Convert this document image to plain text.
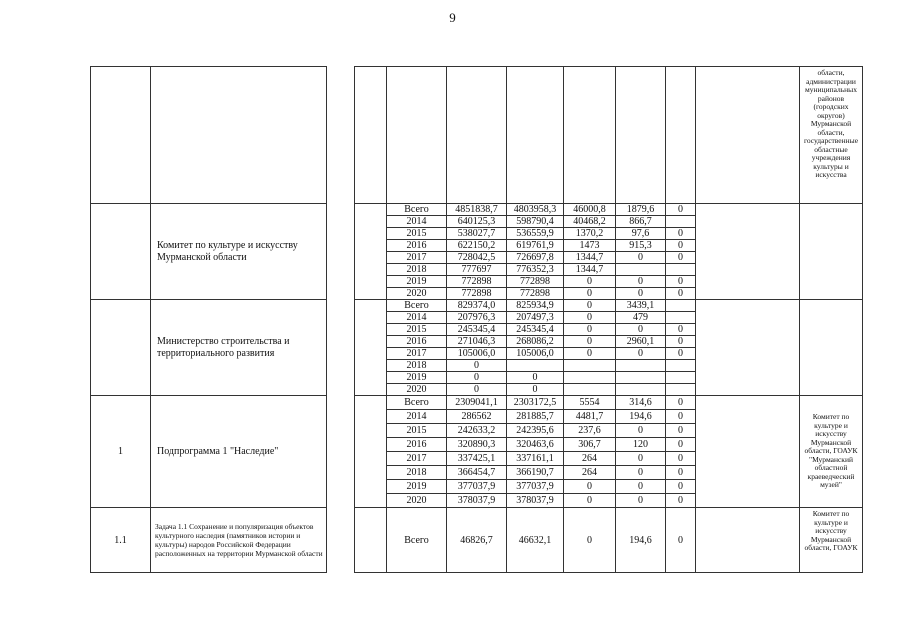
9
											области, администрации муниципальных районов (городских округов) Мурманской области, государственные областные учреждения культуры и искусства
	Комитет по культуре и искусству Мурманской области			Всего	4851838,7	4803958,3	46000,8	1879,6	0		
				2014	640125,3	598790,4	40468,2	866,7			
				2015	538027,7	536559,9	1370,2	97,6	0		
				2016	622150,2	619761,9	1473	915,3	0		
				2017	728042,5	726697,8	1344,7	0	0		
				2018	777697	776352,3	1344,7				
				2019	772898	772898	0	0	0		
				2020	772898	772898	0	0	0		
	Министерство строительства и территориального развития			Всего	829374,0	825934,9	0	3439,1			
				2014	207976,3	207497,3	0	479			
				2015	245345,4	245345,4	0	0	0		
				2016	271046,3	268086,2	0	2960,1	0		
				2017	105006,0	105006,0	0	0	0		
				2018	0						
				2019	0	0					
				2020	0	0					
1	Подпрограмма 1 "Наследие"			Всего	2309041,1	2303172,5	5554	314,6	0		Комитет по культуре и искусству Мурманской области, ГОАУК "Мурманский областной краеведческий музей"
				2014	286562	281885,7	4481,7	194,6	0		
				2015	242633,2	242395,6	237,6	0	0		
				2016	320890,3	320463,6	306,7	120	0		
				2017	337425,1	337161,1	264	0	0		
				2018	366454,7	366190,7	264	0	0		
				2019	377037,9	377037,9	0	0	0		
				2020	378037,9	378037,9	0	0	0		
1.1	Задача 1.1 Сохранение и популяризация объектов культурного наследия (памятников истории и культуры) народов Российской Федерации расположенных на территории Мурманской области			Всего	46826,7	46632,1	0	194,6	0		Комитет по культуре и искусству Мурманской области, ГОАУК
